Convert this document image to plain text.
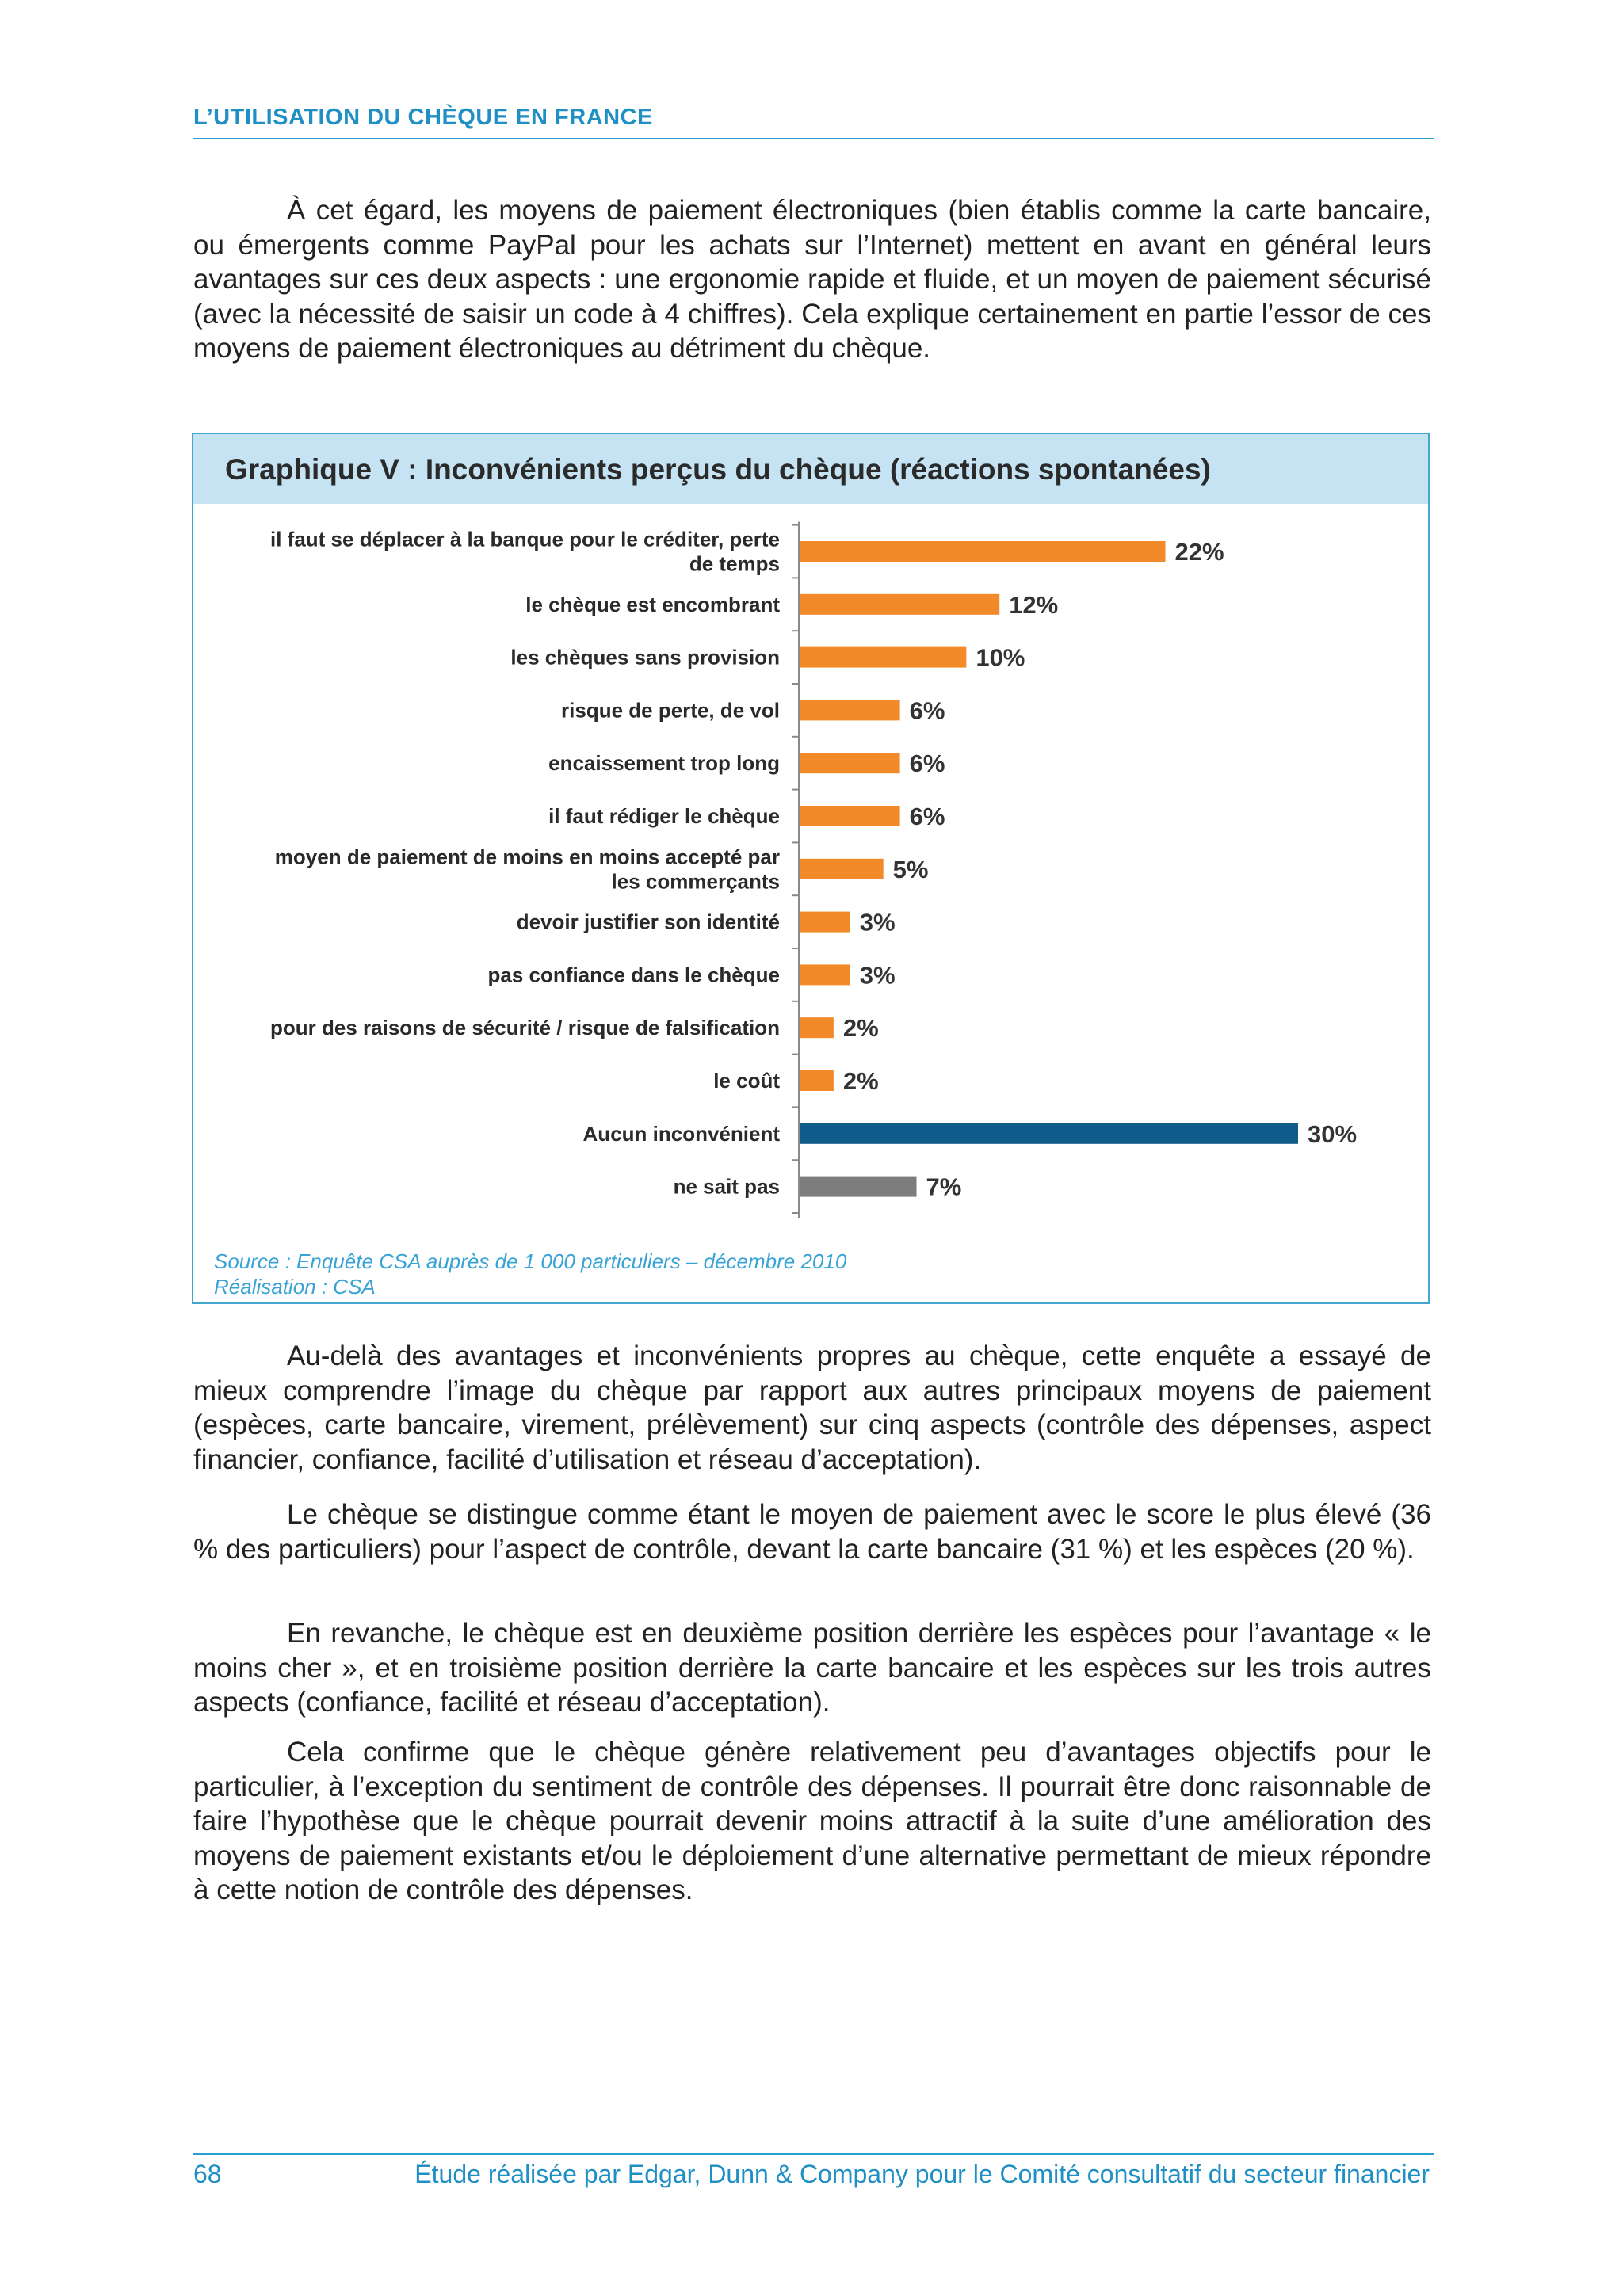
L’UTILISATION DU CHÈQUE EN FRANCE

À cet égard, les moyens de paiement électroniques (bien établis comme la carte bancaire, ou émergents comme PayPal pour les achats sur l’Internet) mettent en avant en général leurs avantages sur ces deux aspects : une ergonomie rapide et fluide, et un moyen de paiement sécurisé (avec la nécessité de saisir un code à 4 chiffres). Cela explique certainement en partie l’essor de ces moyens de paiement électroniques au détriment du chèque.

Graphique V : Inconvénients perçus du chèque (réactions spontanées)
22%
il faut se déplacer à la banque pour le créditer, perte
de temps
12%
le chèque est encombrant
10%
les chèques sans provision
6%
risque de perte, de vol
6%
encaissement trop long
6%
il faut rédiger le chèque
5%
moyen de paiement de moins en moins accepté par
les commerçants
3%
devoir justifier son identité
3%
pas confiance dans le chèque
2%
pour des raisons de sécurité / risque de falsification
2%
le coût
30%
Aucun inconvénient
7%
ne sait pas
Source : Enquête CSA auprès de 1 000 particuliers – décembre 2010
Réalisation : CSA

Au-delà des avantages et inconvénients propres au chèque, cette enquête a essayé de mieux comprendre l’image du chèque par rapport aux autres principaux moyens de paiement (espèces, carte bancaire, virement, prélèvement) sur cinq aspects (contrôle des dépenses, aspect financier, confiance, facilité d’utilisation et réseau d’acceptation).

Le chèque se distingue comme étant le moyen de paiement avec le score le plus élevé (36 % des particuliers) pour l’aspect de contrôle, devant la carte bancaire (31 %) et les espèces (20 %).

En revanche, le chèque est en deuxième position derrière les espèces pour l’avantage « le moins cher », et en troisième position derrière la carte bancaire et les espèces sur les trois autres aspects (confiance, facilité et réseau d’acceptation).

Cela confirme que le chèque génère relativement peu d’avantages objectifs pour le particulier, à l’exception du sentiment de contrôle des dépenses. Il pourrait être donc raisonnable de faire l’hypothèse que le chèque pourrait devenir moins attractif à la suite d’une amélioration des moyens de paiement existants et/ou le déploiement d’une alternative permettant de mieux répondre à cette notion de contrôle des dépenses.

68	Étude réalisée par Edgar, Dunn & Company pour le Comité consultatif du secteur financier
